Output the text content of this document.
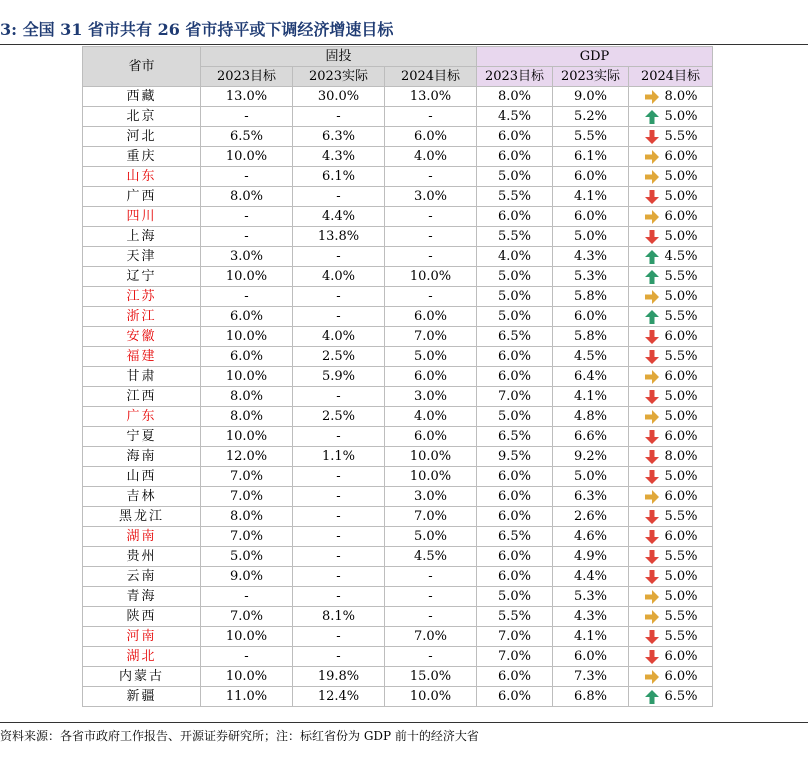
3: 全国 31 省市共有 26 省市持平或下调经济增速目标
省市	固投			GDP		
	2023目标	2023实际	2024目标	2023目标	2023实际	2024目标
西藏	13.0%	30.0%	13.0%	8.0%	9.0%	8.0%
北京	-	-	-	4.5%	5.2%	5.0%
河北	6.5%	6.3%	6.0%	6.0%	5.5%	5.5%
重庆	10.0%	4.3%	4.0%	6.0%	6.1%	6.0%
山东	-	6.1%	-	5.0%	6.0%	5.0%
广西	8.0%	-	3.0%	5.5%	4.1%	5.0%
四川	-	4.4%	-	6.0%	6.0%	6.0%
上海	-	13.8%	-	5.5%	5.0%	5.0%
天津	3.0%	-	-	4.0%	4.3%	4.5%
辽宁	10.0%	4.0%	10.0%	5.0%	5.3%	5.5%
江苏	-	-	-	5.0%	5.8%	5.0%
浙江	6.0%	-	6.0%	5.0%	6.0%	5.5%
安徽	10.0%	4.0%	7.0%	6.5%	5.8%	6.0%
福建	6.0%	2.5%	5.0%	6.0%	4.5%	5.5%
甘肃	10.0%	5.9%	6.0%	6.0%	6.4%	6.0%
江西	8.0%	-	3.0%	7.0%	4.1%	5.0%
广东	8.0%	2.5%	4.0%	5.0%	4.8%	5.0%
宁夏	10.0%	-	6.0%	6.5%	6.6%	6.0%
海南	12.0%	1.1%	10.0%	9.5%	9.2%	8.0%
山西	7.0%	-	10.0%	6.0%	5.0%	5.0%
吉林	7.0%	-	3.0%	6.0%	6.3%	6.0%
黑龙江	8.0%	-	7.0%	6.0%	2.6%	5.5%
湖南	7.0%	-	5.0%	6.5%	4.6%	6.0%
贵州	5.0%	-	4.5%	6.0%	4.9%	5.5%
云南	9.0%	-	-	6.0%	4.4%	5.0%
青海	-	-	-	5.0%	5.3%	5.0%
陕西	7.0%	8.1%	-	5.5%	4.3%	5.5%
河南	10.0%	-	7.0%	7.0%	4.1%	5.5%
湖北	-	-	-	7.0%	6.0%	6.0%
内蒙古	10.0%	19.8%	15.0%	6.0%	7.3%	6.0%
新疆	11.0%	12.4%	10.0%	6.0%	6.8%	6.5%
资料来源：各省市政府工作报告、开源证券研究所；注：标红省份为 GDP 前十的经济大省
